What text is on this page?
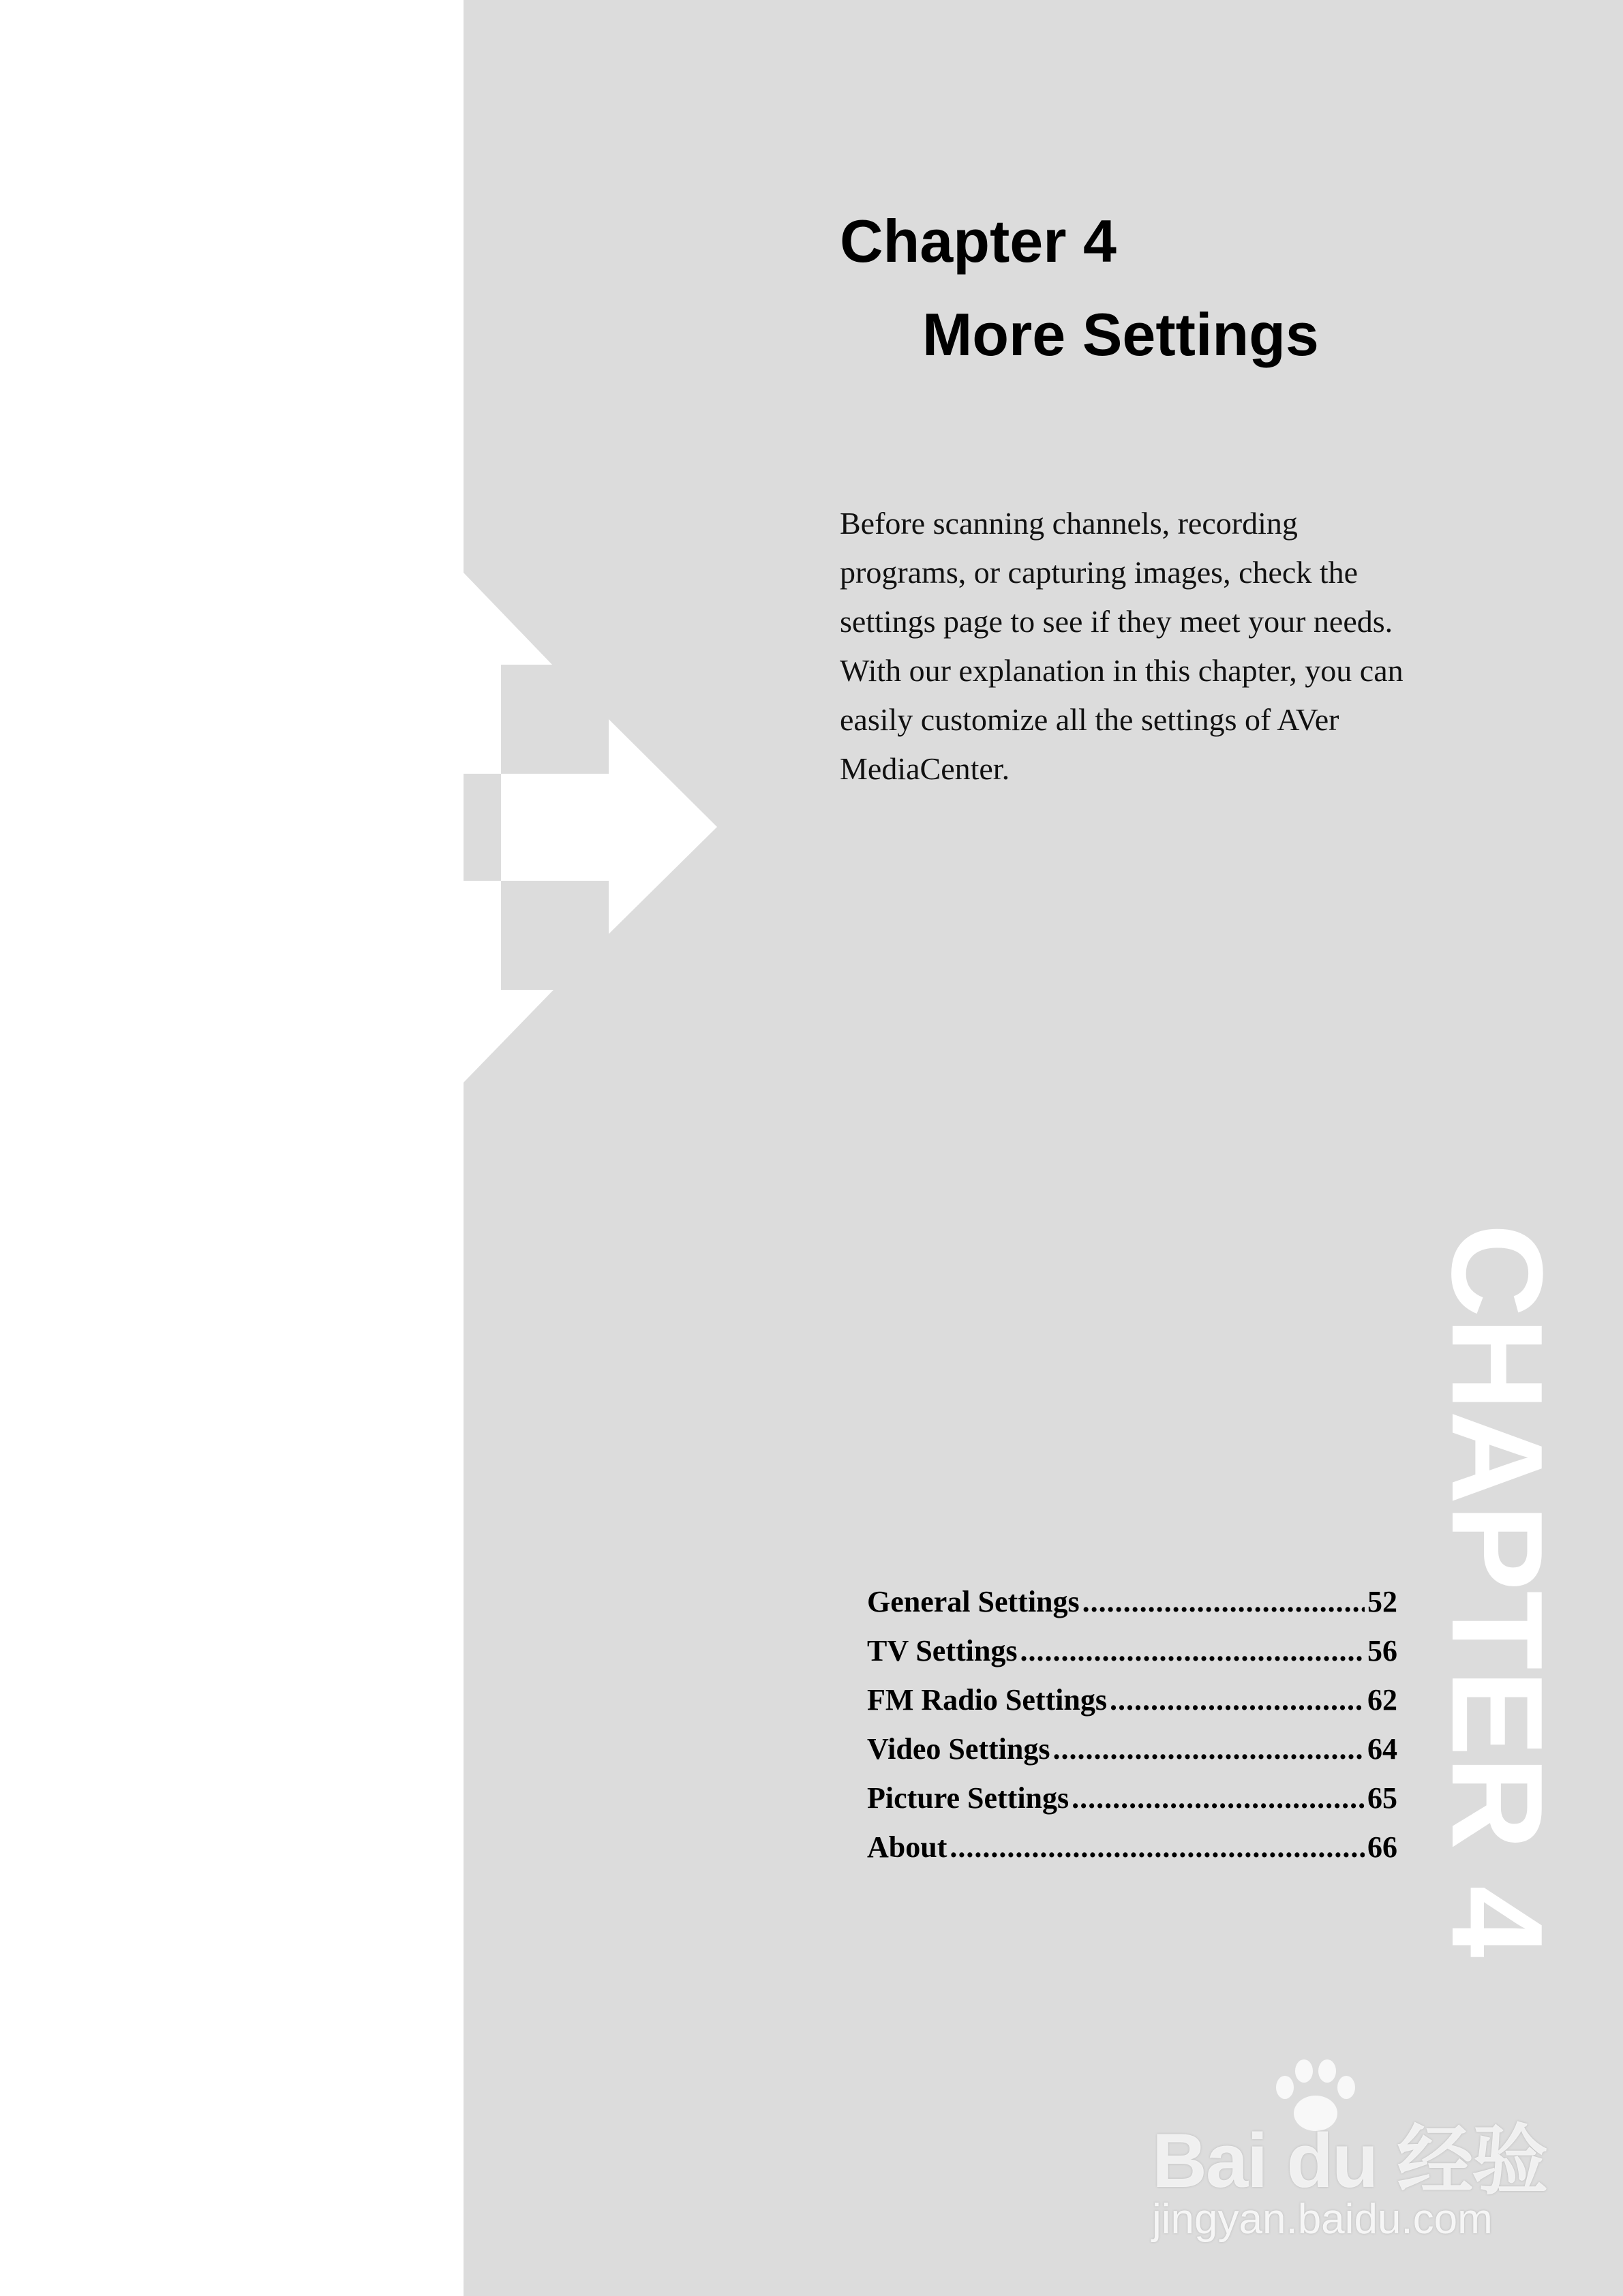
Chapter 4
More Settings

Before scanning channels, recording
programs, or capturing images, check the
settings page to see if they meet your needs.
With our explanation in this chapter, you can
easily customize all the settings of AVer
MediaCenter.

General Settings .....	52
TV Settings .....	56
FM Radio Settings .....	62
Video Settings .....	64
Picture Settings .....	65
About .....	66 CHAPTER 4
Bai du 经验
jingyan.baidu.com
